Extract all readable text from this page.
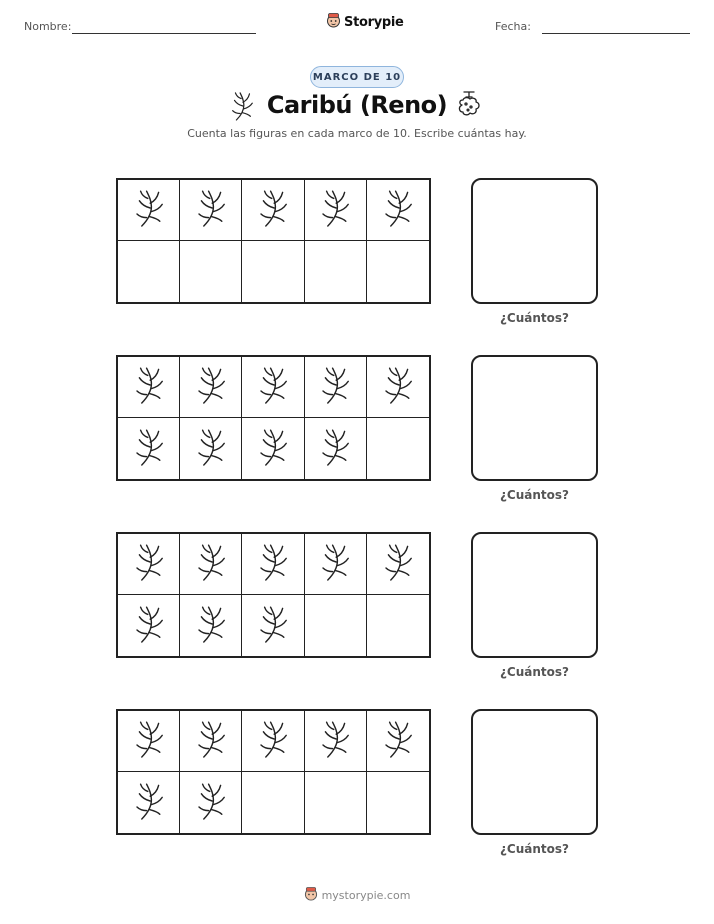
Nombre:	Storypie	Fecha:
MARCO DE 10
Caribú (Reno)
Cuenta las figuras en cada marco de 10. Escribe cuántas hay.
¿Cuántos?
¿Cuántos?
¿Cuántos?
¿Cuántos?
mystorypie.com
